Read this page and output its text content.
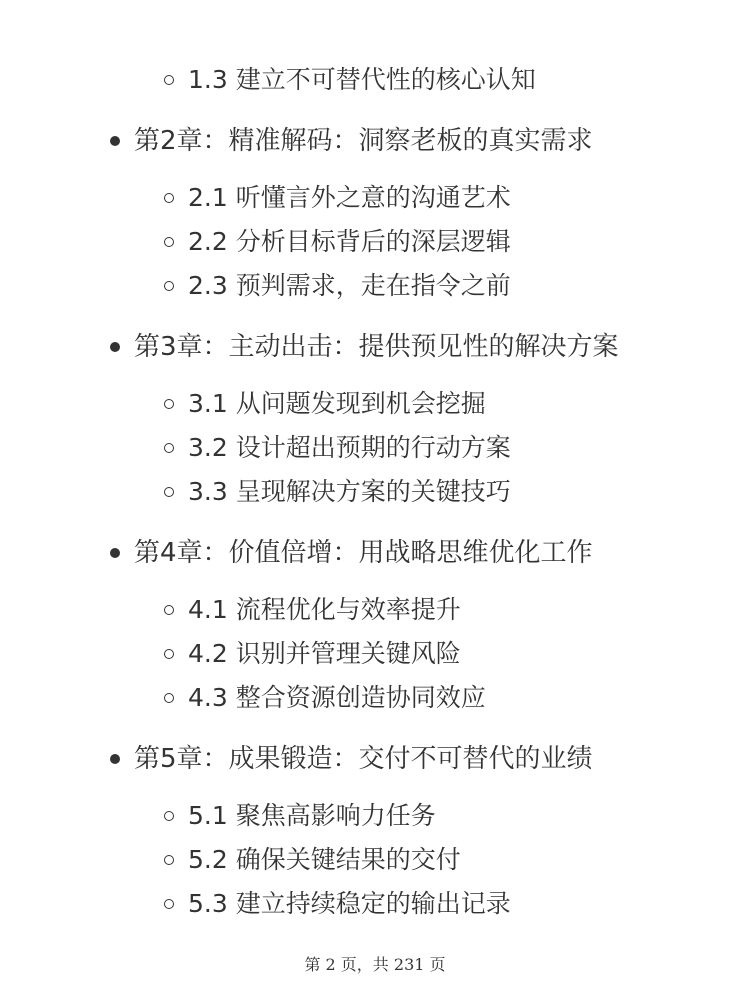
1.3 建立不可替代性的核心认知
第2章：精准解码：洞察老板的真实需求
2.1 听懂言外之意的沟通艺术
2.2 分析目标背后的深层逻辑
2.3 预判需求，走在指令之前
第3章：主动出击：提供预见性的解决方案
3.1 从问题发现到机会挖掘
3.2 设计超出预期的行动方案
3.3 呈现解决方案的关键技巧
第4章：价值倍增：用战略思维优化工作
4.1 流程优化与效率提升
4.2 识别并管理关键风险
4.3 整合资源创造协同效应
第5章：成果锻造：交付不可替代的业绩
5.1 聚焦高影响力任务
5.2 确保关键结果的交付
5.3 建立持续稳定的输出记录
第 2 页，共 231 页
